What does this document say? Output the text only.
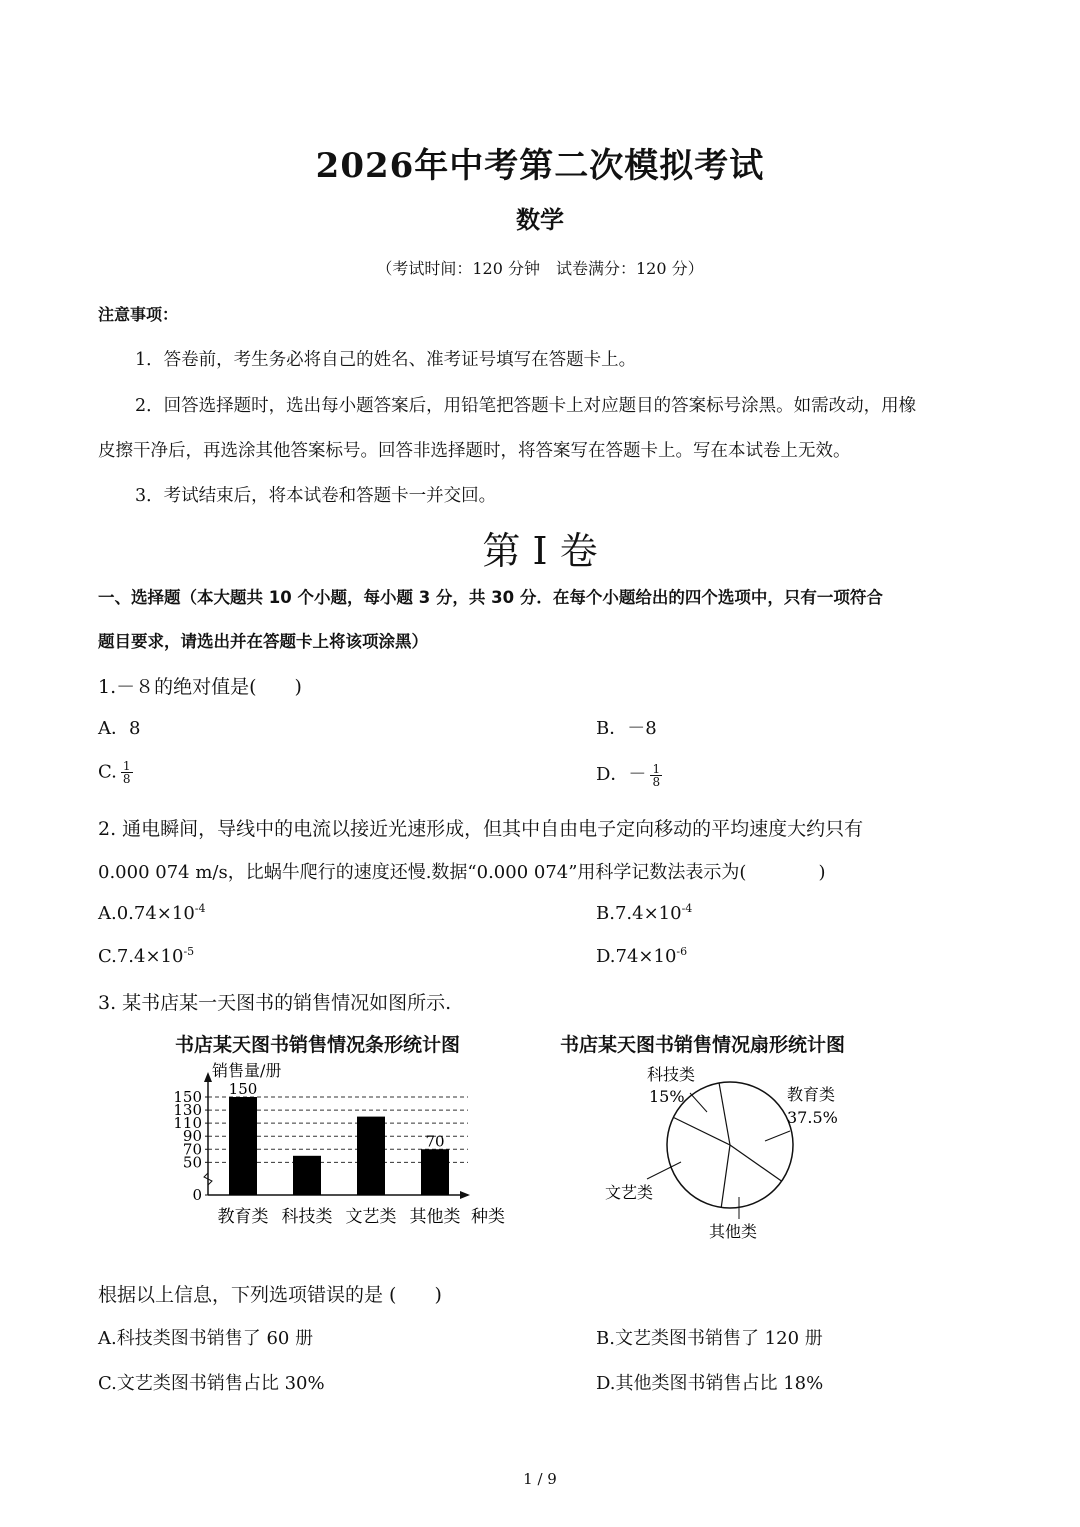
2026年中考第二次模拟考试
数学
（考试时间：120 分钟　试卷满分：120 分）
注意事项：
1．答卷前，考生务必将自己的姓名、准考证号填写在答题卡上。
2．回答选择题时，选出每小题答案后，用铅笔把答题卡上对应题目的答案标号涂黑。如需改动，用橡
皮擦干净后，再选涂其他答案标号。回答非选择题时，将答案写在答题卡上。写在本试卷上无效。
3．考试结束后，将本试卷和答题卡一并交回。
第 I 卷
一、选择题（本大题共 10 个小题，每小题 3 分，共 30 分．在每个小题给出的四个选项中，只有一项符合
题目要求，请选出并在答题卡上将该项涂黑）
1.－８的绝对值是(　　)
A．8	B．－8
C. $\frac{1}{8}$	D．－ $\frac{1}{8}$
2. 通电瞬间，导线中的电流以接近光速形成，但其中自由电子定向移动的平均速度大约只有
0.000 074 m/s，比蜗牛爬行的速度还慢.数据“0.000 074”用科学记数法表示为(　　　　)
$A.0.74\times 10^{-4}$	$B.7.4\times 10^{-4}$
$C.7.4\times 10^{-5}$	$D.74\times 10^{-6}$
3. 某书店某一天图书的销售情况如图所示.
书店某天图书销售情况条形统计图	书店某天图书销售情况扇形统计图
0
50
70
90
110
130
150
销售量/册
种类
150
教育类 科技类 文艺类
70
其他类
科技类
15%	教育类
37.5%
文艺类
其他类
根据以上信息，下列选项错误的是 (　　)
A.科技类图书销售了 60 册	B.文艺类图书销售了 120 册
C.文艺类图书销售占比 30%	D.其他类图书销售占比 18%
1 / 9
